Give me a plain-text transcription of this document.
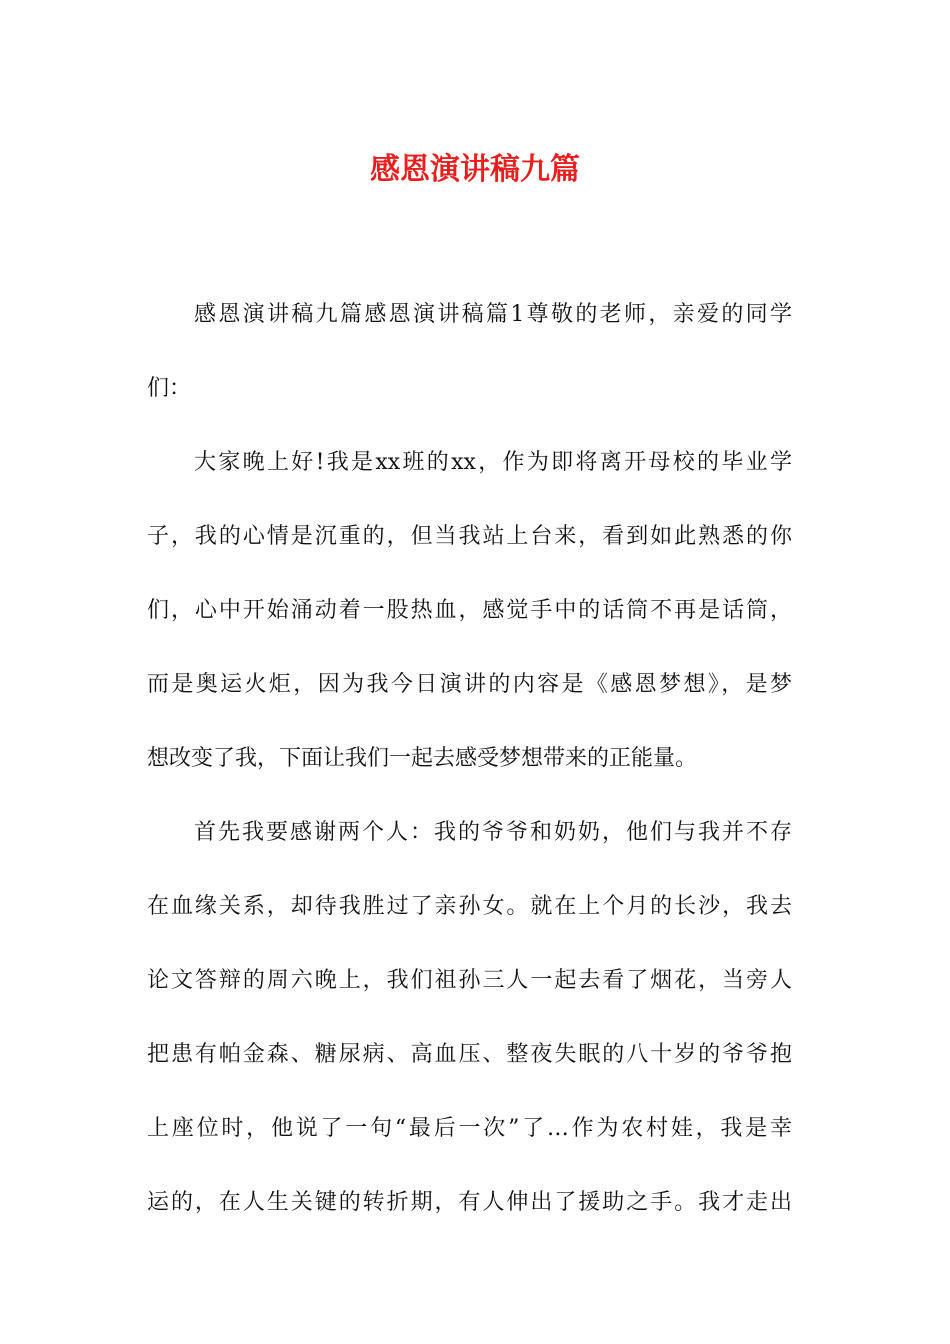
感恩演讲稿九篇
感恩演讲稿九篇感恩演讲稿篇1尊敬的老师，亲爱的同学
们：
大家晚上好!我是xx班的xx，作为即将离开母校的毕业学
子，我的心情是沉重的，但当我站上台来，看到如此熟悉的你
们，心中开始涌动着一股热血，感觉手中的话筒不再是话筒，
而是奥运火炬，因为我今日演讲的内容是《感恩梦想》，是梦
想改变了我，下面让我们一起去感受梦想带来的正能量。
首先我要感谢两个人：我的爷爷和奶奶，他们与我并不存
在血缘关系，却待我胜过了亲孙女。就在上个月的长沙，我去
论文答辩的周六晚上，我们祖孙三人一起去看了烟花，当旁人
把患有帕金森、糖尿病、高血压、整夜失眠的八十岁的爷爷抱
上座位时，他说了一句“最后一次”了…作为农村娃，我是幸
运的，在人生关键的转折期，有人伸出了援助之手。我才走出
